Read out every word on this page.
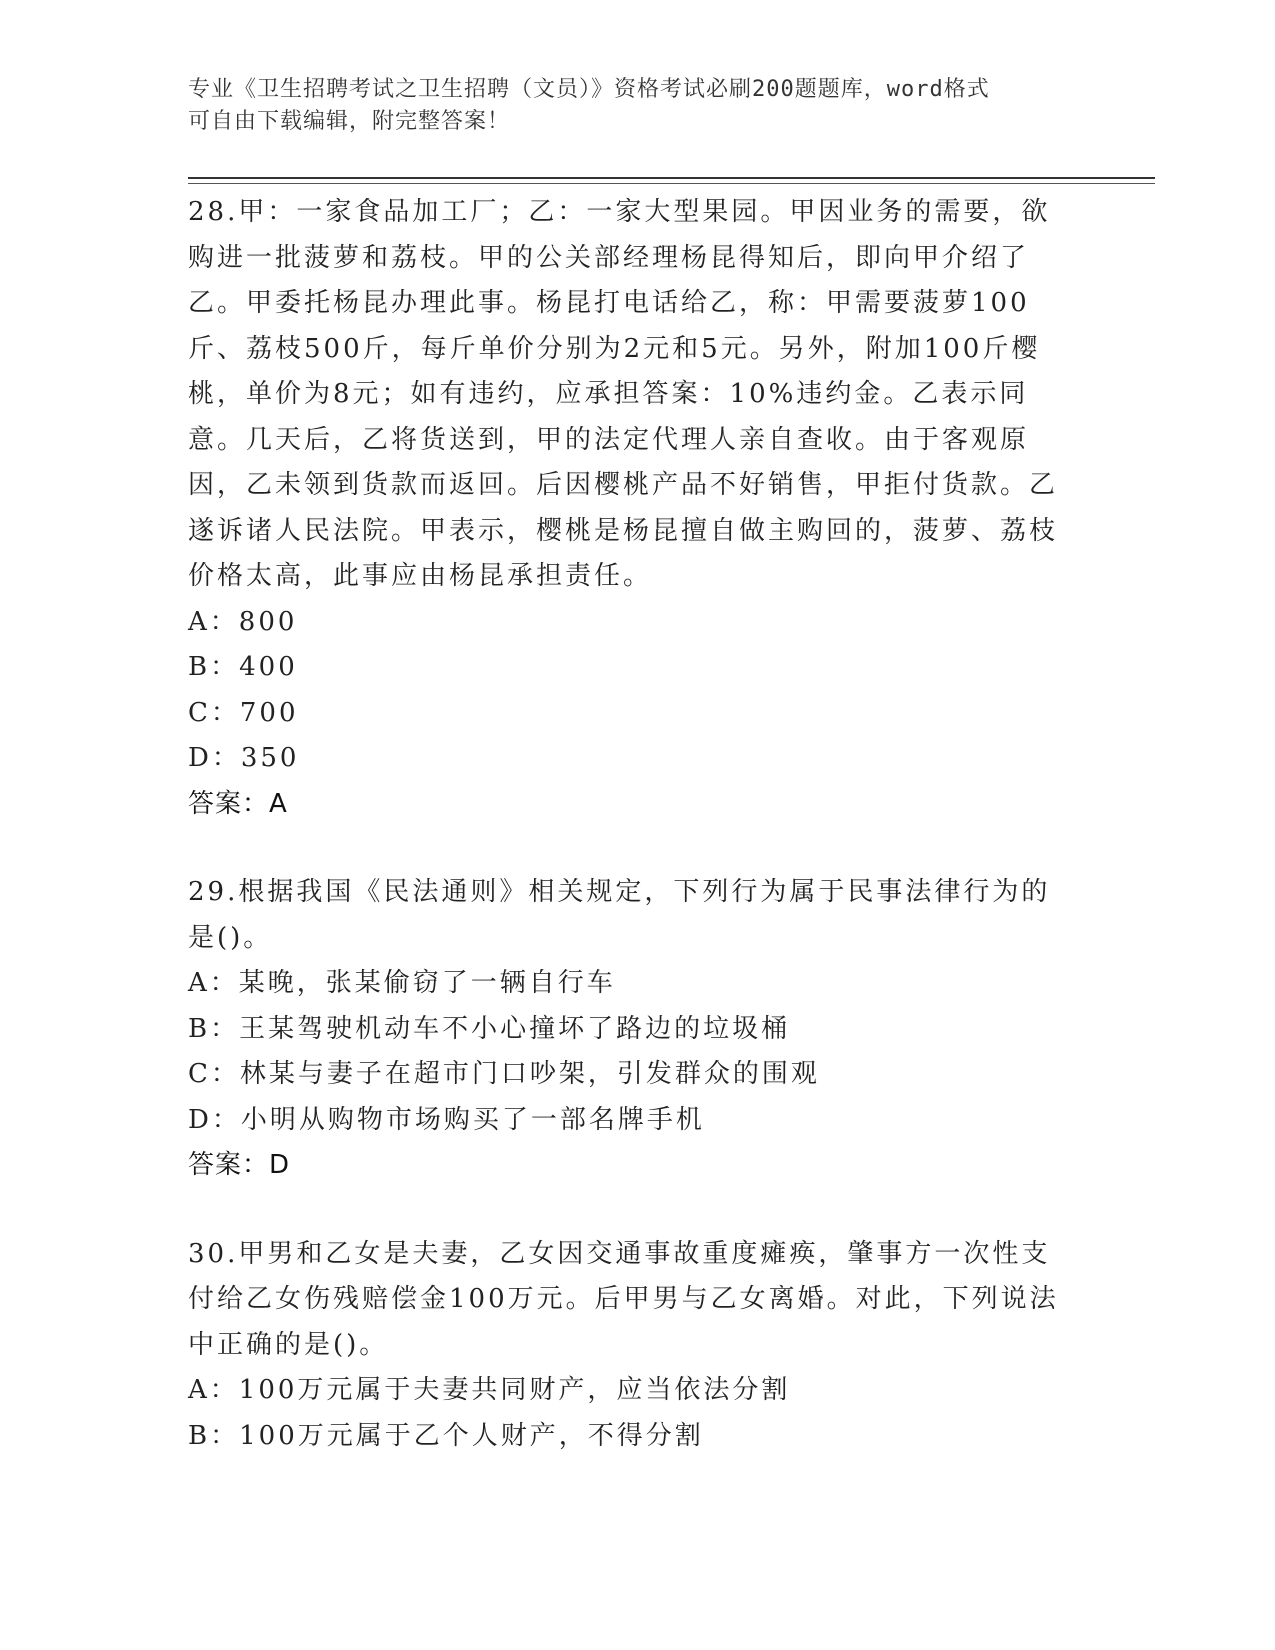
专业《卫生招聘考试之卫生招聘（文员）》资格考试必刷200题题库，word格式
可自由下载编辑，附完整答案！

28.甲：一家食品加工厂；乙：一家大型果园。甲因业务的需要，欲购进一批菠萝和荔枝。甲的公关部经理杨昆得知后，即向甲介绍了乙。甲委托杨昆办理此事。杨昆打电话给乙，称：甲需要菠萝100斤、荔枝500斤，每斤单价分别为2元和5元。另外，附加100斤樱桃，单价为8元；如有违约，应承担答案：10%违约金。乙表示同意。几天后，乙将货送到，甲的法定代理人亲自查收。由于客观原因，乙未领到货款而返回。后因樱桃产品不好销售，甲拒付货款。乙遂诉诸人民法院。甲表示，樱桃是杨昆擅自做主购回的，菠萝、荔枝价格太高，此事应由杨昆承担责任。

A：800

B：400

C：700

D：350

答案：A

29.根据我国《民法通则》相关规定，下列行为属于民事法律行为的是()。

A：某晚，张某偷窃了一辆自行车

B：王某驾驶机动车不小心撞坏了路边的垃圾桶

C：林某与妻子在超市门口吵架，引发群众的围观

D：小明从购物市场购买了一部名牌手机

答案：D

30.甲男和乙女是夫妻，乙女因交通事故重度瘫痪，肇事方一次性支付给乙女伤残赔偿金100万元。后甲男与乙女离婚。对此，下列说法中正确的是()。

A：100万元属于夫妻共同财产，应当依法分割

B：100万元属于乙个人财产，不得分割
